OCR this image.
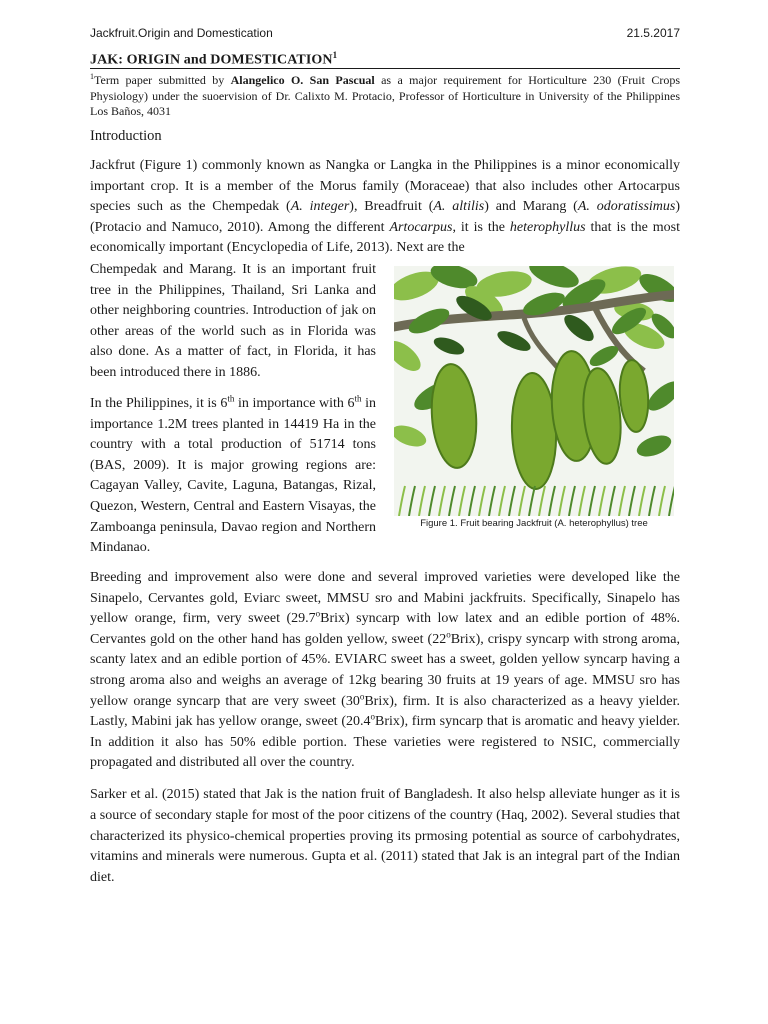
Jackfruit.Origin and Domestication	21.5.2017
JAK: ORIGIN and DOMESTICATION$^1$
$^1$Term paper submitted by Alangelico O. San Pascual as a major requirement for Horticulture 230 (Fruit Crops Physiology) under the suoervision of Dr. Calixto M. Protacio, Professor of Horticulture in University of the Philippines Los Baños, 4031
Introduction

Jackfrut (Figure 1) commonly known as Nangka or Langka in the Philippines is a minor economically important crop. It is a member of the Morus family (Moraceae) that also includes other Artocarpus species such as the Chempedak (A. integer), Breadfruit (A. altilis) and Marang (A. odoratissimus) (Protacio and Namuco, 2010). Among the different Artocarpus, it is the heterophyllus that is the most economically important (Encyclopedia of Life, 2013). Next are the

Chempedak and Marang. It is an important fruit tree in the Philippines, Thailand, Sri Lanka and other neighboring countries. Introduction of jak on other areas of the world such as in Florida was also done. As a matter of fact, in Florida, it has been introduced there in 1886.

In the Philippines, it is 6th in importance with 6th in importance 1.2M trees planted in 14419 Ha in the country with a total production of 51714 tons (BAS, 2009). It is major growing regions are: Cagayan Valley, Cavite, Laguna, Batangas, Rizal, Quezon, Western, Central and Eastern Visayas, the Zamboanga peninsula, Davao region and Northern Mindanao.

Figure 1. Fruit bearing Jackfruit (A. heterophyllus) tree

Breeding and improvement also were done and several improved varieties were developed like the Sinapelo, Cervantes gold, Eviarc sweet, MMSU sro and Mabini jackfruits. Specifically, Sinapelo has yellow orange, firm, very sweet (29.7$^o$Brix) syncarp with low latex and an edible portion of 48%. Cervantes gold on the other hand has golden yellow, sweet (22$^o$Brix), crispy syncarp with strong aroma, scanty latex and an edible portion of 45%. EVIARC sweet has a sweet, golden yellow syncarp having a strong aroma also and weighs an average of 12kg bearing 30 fruits at 19 years of age. MMSU sro has yellow orange syncarp that are very sweet (30$^o$Brix), firm. It is also characterized as a heavy yielder. Lastly, Mabini jak has yellow orange, sweet (20.4$^o$Brix), firm syncarp that is aromatic and heavy yielder. In addition it also has 50% edible portion. These varieties were registered to NSIC, commercially propagated and distributed all over the country.

Sarker et al. (2015) stated that Jak is the nation fruit of Bangladesh. It also helsp alleviate hunger as it is a source of secondary staple for most of the poor citizens of the country (Haq, 2002). Several studies that characterized its physico-chemical properties proving its prmosing potential as source of carbohydrates, vitamins and minerals were numerous. Gupta et al. (2011) stated that Jak is an integral part of the Indian diet.
